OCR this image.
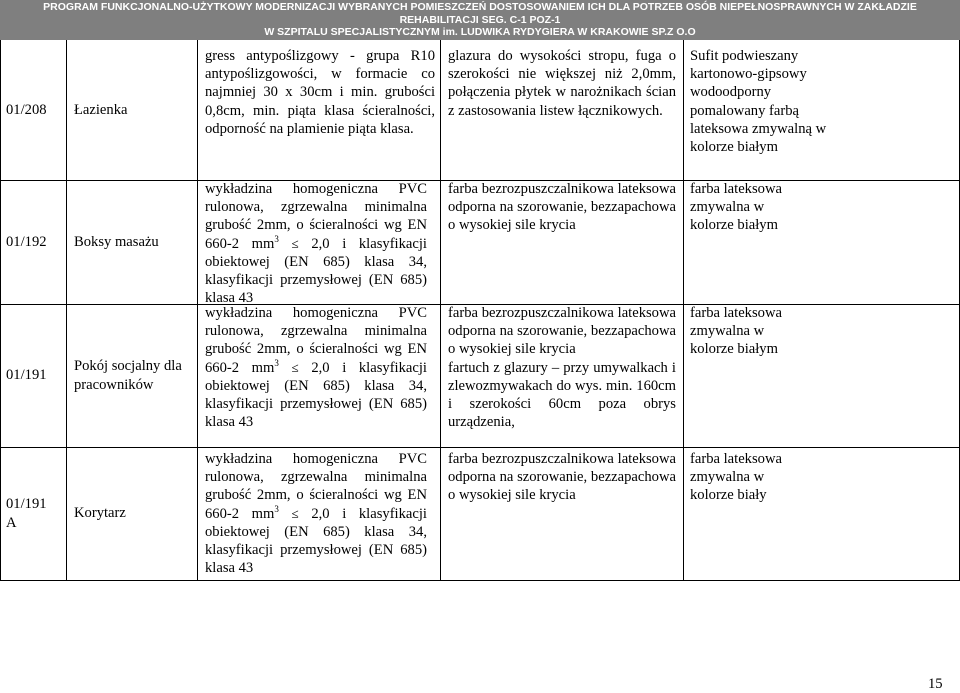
PROGRAM FUNKCJONALNO-UŻYTKOWY MODERNIZACJI WYBRANYCH POMIESZCZEŃ DOSTOSOWANIEM ICH DLA POTRZEB OSÓB NIEPEŁNOSPRAWNYCH W ZAKŁADZIE
REHABILITACJI SEG. C-1 POZ-1
W SZPITALU SPECJALISTYCZNYM im. LUDWIKA RYDYGIERA W KRAKOWIE SP.Z O.O
01/208	Łazienka

gress antypoślizgowy - grupa R10 antypoślizgowości, w formacie co najmniej 30 x 30cm i min. grubości 0,8cm, min. piąta klasa ścieralności, odporność na plamienie piąta klasa.

glazura do wysokości stropu, fuga o szerokości nie większej niż 2,0mm, połączenia płytek w narożnikach ścian z zastosowania listew łącznikowych.

Sufit podwieszany kartonowo-gipsowy wodoodporny pomalowany farbą lateksowa zmywalną w kolorze białym

01/192	Boksy masażu

wykładzina homogeniczna PVC rulonowa, zgrzewalna minimalna grubość 2mm, o ścieralności wg EN 660-2 $mm^3 \le 2,0$ i klasyfikacji obiektowej (EN 685) klasa 34, klasyfikacji przemysłowej (EN 685) klasa 43

farba bezrozpuszczalnikowa lateksowa odporna na szorowanie, bezzapachowa o wysokiej sile krycia

farba lateksowa zmywalna w kolorze białym

01/191
Pokój socjalny dla pracowników

wykładzina homogeniczna PVC rulonowa, zgrzewalna minimalna grubość 2mm, o ścieralności wg EN 660-2 $mm^3 \le 2,0$ i klasyfikacji obiektowej (EN 685) klasa 34, klasyfikacji przemysłowej (EN 685) klasa 43

farba bezrozpuszczalnikowa lateksowa odporna na szorowanie, bezzapachowa o wysokiej sile krycia

fartuch z glazury – przy umywalkach i zlewozmywakach do wys. min. 160cm i szerokości 60cm poza obrys urządzenia,

farba lateksowa zmywalna w kolorze białym

01/191 A
Korytarz

wykładzina homogeniczna PVC rulonowa, zgrzewalna minimalna grubość 2mm, o ścieralności wg EN 660-2 $mm^3 \le 2,0$ i klasyfikacji obiektowej (EN 685) klasa 34, klasyfikacji przemysłowej (EN 685) klasa 43

farba bezrozpuszczalnikowa lateksowa odporna na szorowanie, bezzapachowa o wysokiej sile krycia

farba lateksowa zmywalna w kolorze biały

15
